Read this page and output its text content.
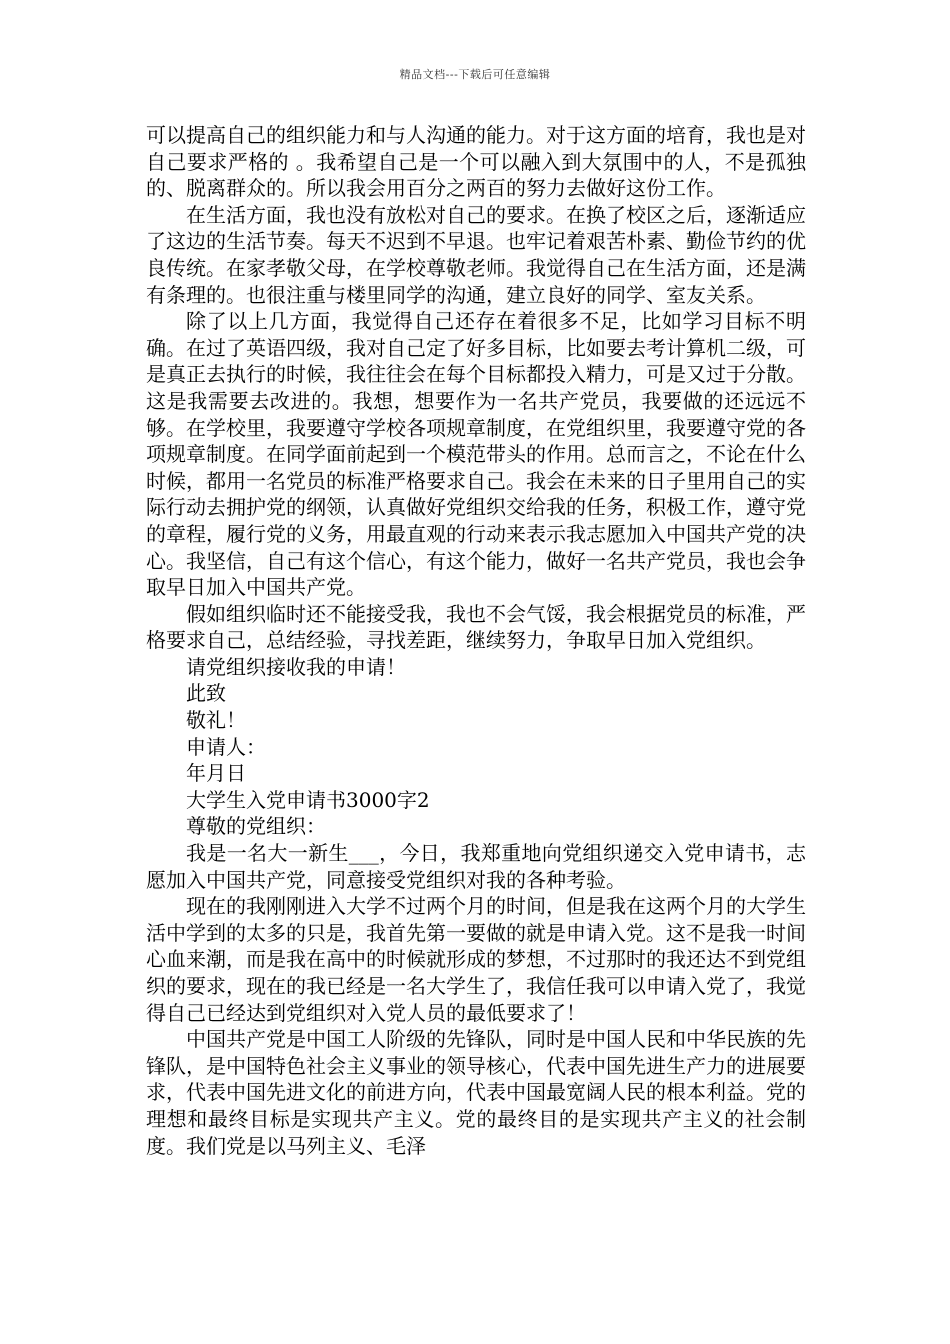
精品文档---下载后可任意编辑

可以提高自己的组织能力和与人沟通的能力。对于这方面的培育，我也是对自己要求严格的 。我希望自己是一个可以融入到大氛围中的人，不是孤独的、脱离群众的。所以我会用百分之两百的努力去做好这份工作。

在生活方面，我也没有放松对自己的要求。在换了校区之后，逐渐适应了这边的生活节奏。每天不迟到不早退。也牢记着艰苦朴素、勤俭节约的优良传统。在家孝敬父母，在学校尊敬老师。我觉得自己在生活方面，还是满有条理的。也很注重与楼里同学的沟通，建立良好的同学、室友关系。

除了以上几方面，我觉得自己还存在着很多不足，比如学习目标不明确。在过了英语四级，我对自己定了好多目标，比如要去考计算机二级，可是真正去执行的时候，我往往会在每个目标都投入精力，可是又过于分散。这是我需要去改进的。我想，想要作为一名共产党员，我要做的还远远不够。在学校里，我要遵守学校各项规章制度，在党组织里，我要遵守党的各项规章制度。在同学面前起到一个模范带头的作用。总而言之，不论在什么时候，都用一名党员的标准严格要求自己。我会在未来的日子里用自己的实际行动去拥护党的纲领，认真做好党组织交给我的任务，积极工作，遵守党的章程，履行党的义务，用最直观的行动来表示我志愿加入中国共产党的决心。我坚信，自己有这个信心，有这个能力，做好一名共产党员，我也会争取早日加入中国共产党。

假如组织临时还不能接受我，我也不会气馁，我会根据党员的标准，严格要求自己，总结经验，寻找差距，继续努力，争取早日加入党组织。

请党组织接收我的申请！

此致

敬礼！

申请人：

年月日

大学生入党申请书3000字2

尊敬的党组织：

我是一名大一新生___，今日，我郑重地向党组织递交入党申请书，志愿加入中国共产党，同意接受党组织对我的各种考验。

现在的我刚刚进入大学不过两个月的时间，但是我在这两个月的大学生活中学到的太多的只是，我首先第一要做的就是申请入党。这不是我一时间心血来潮，而是我在高中的时候就形成的梦想，不过那时的我还达不到党组织的要求，现在的我已经是一名大学生了，我信任我可以申请入党了，我觉得自己已经达到党组织对入党人员的最低要求了！

中国共产党是中国工人阶级的先锋队，同时是中国人民和中华民族的先锋队，是中国特色社会主义事业的领导核心，代表中国先进生产力的进展要求，代表中国先进文化的前进方向，代表中国最宽阔人民的根本利益。党的理想和最终目标是实现共产主义。党的最终目的是实现共产主义的社会制度。我们党是以马列主义、毛泽
